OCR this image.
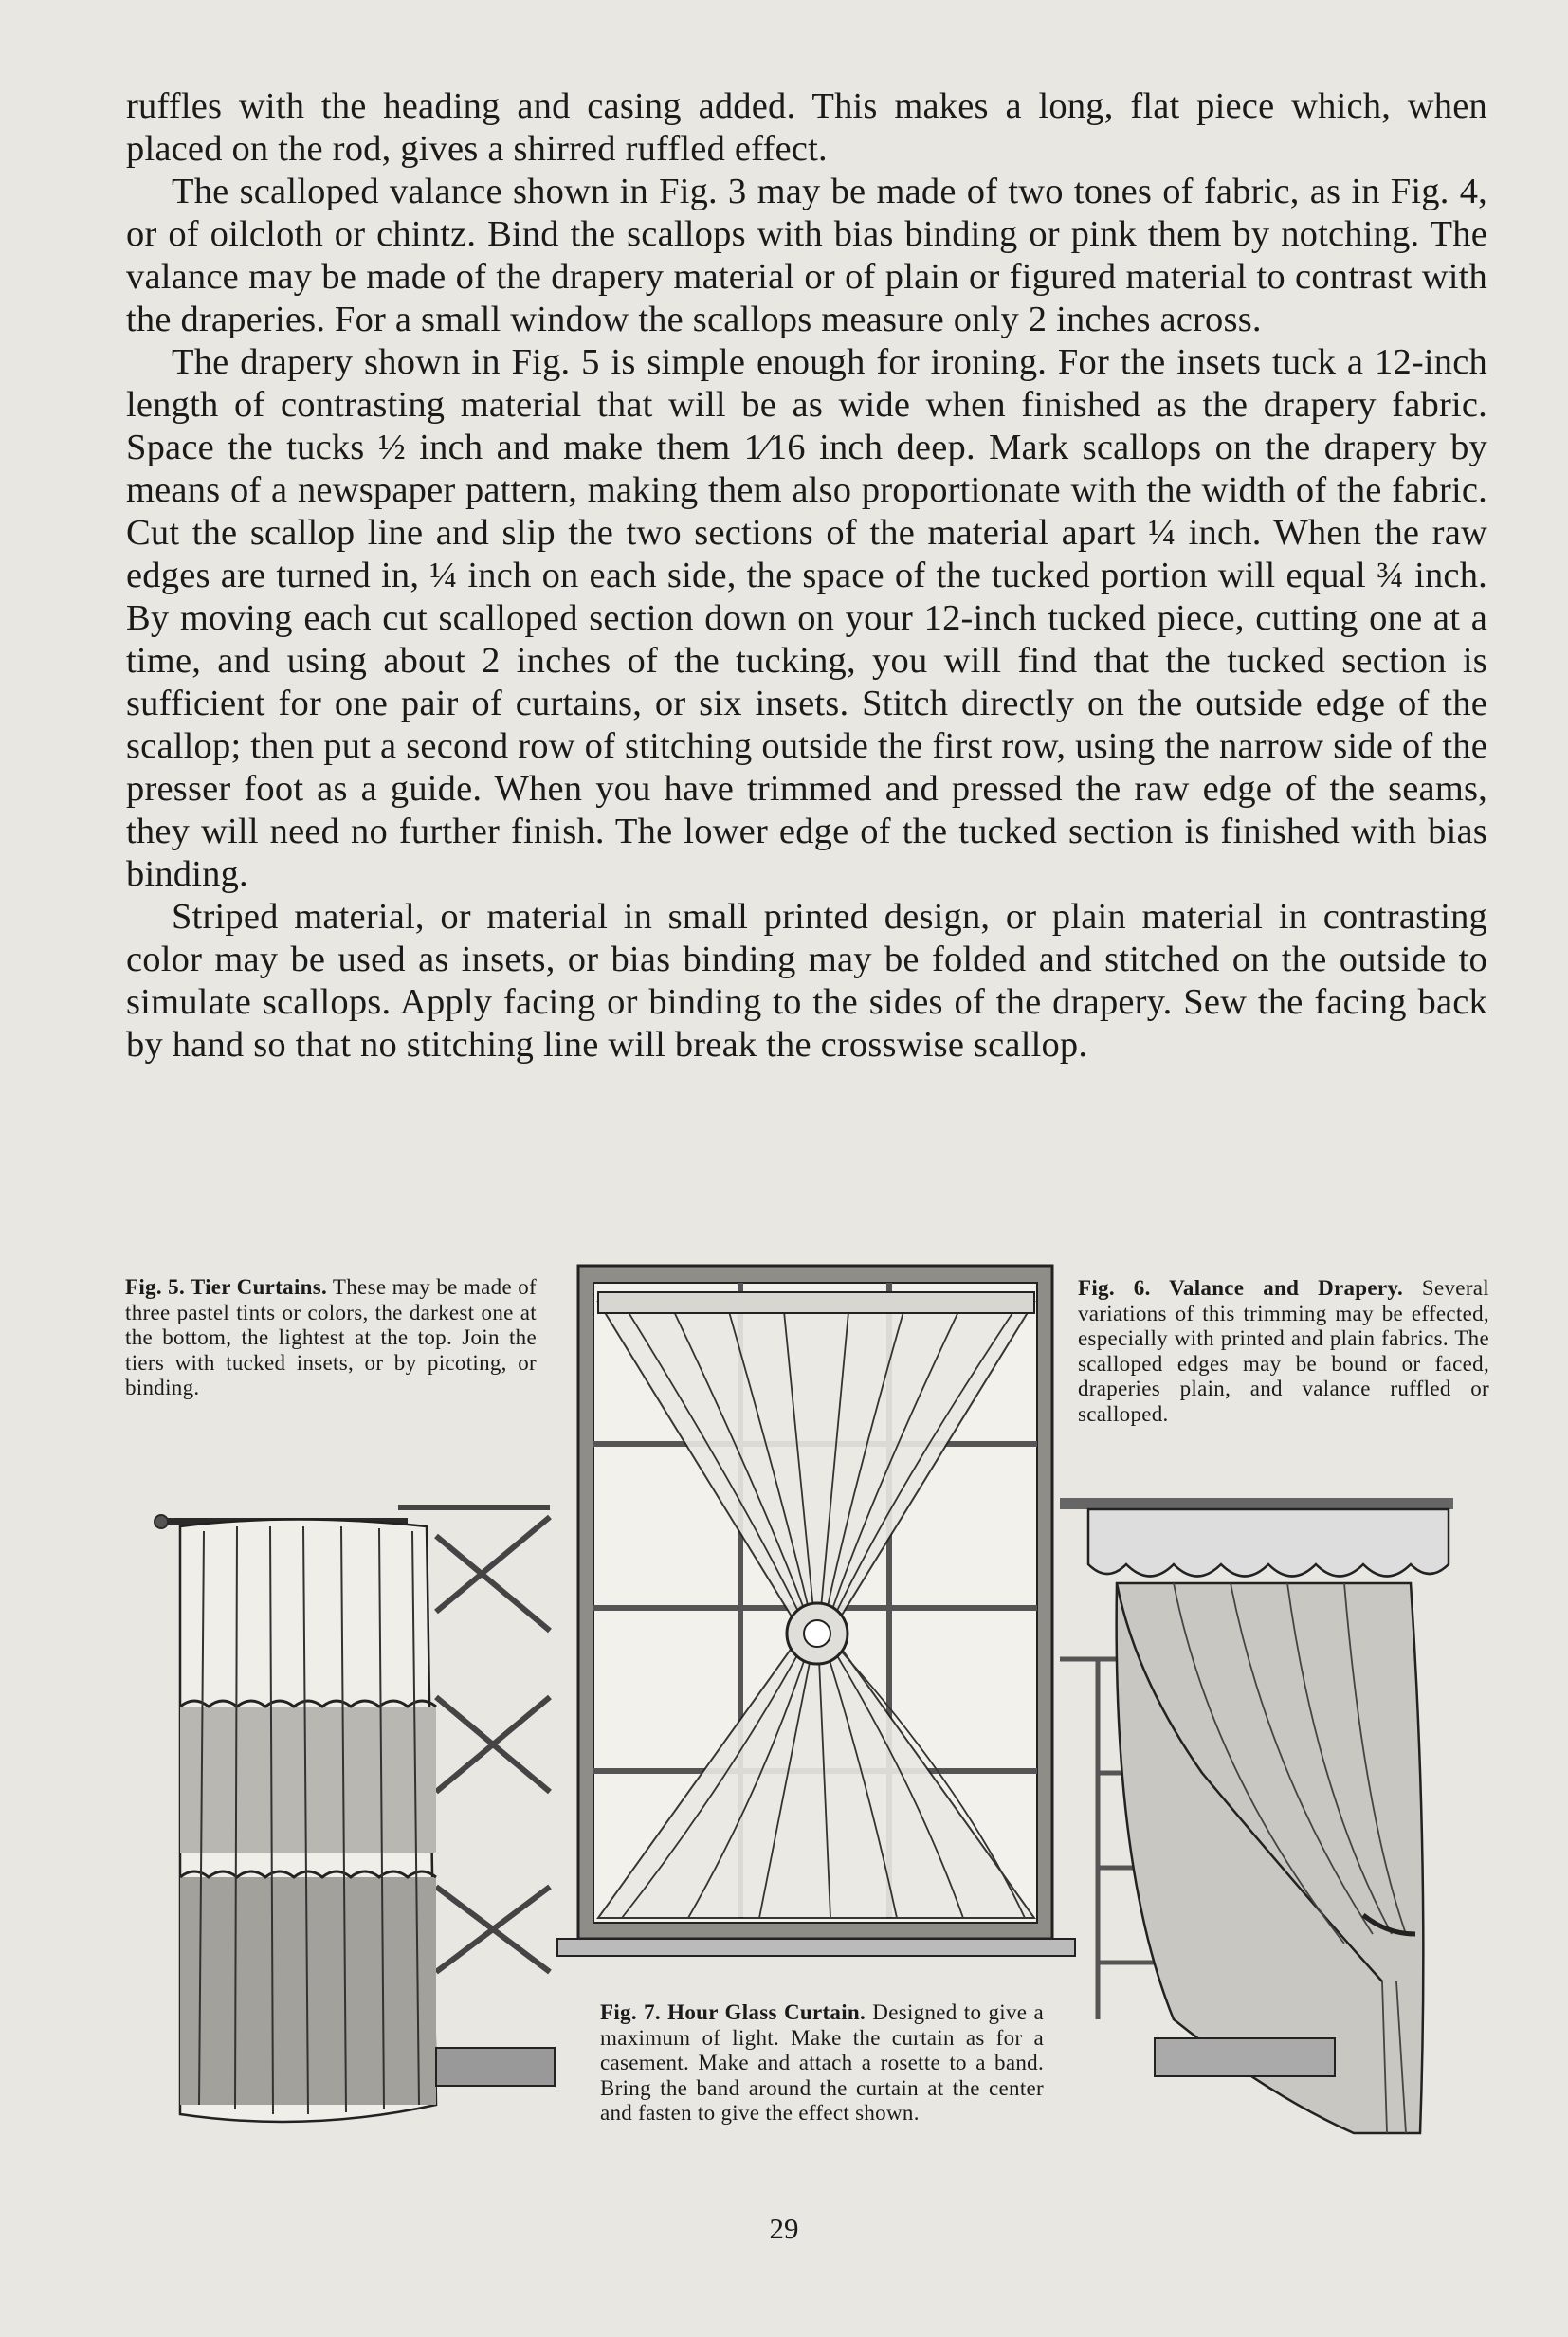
ruffles with the heading and casing added. This makes a long, flat piece which, when placed on the rod, gives a shirred ruffled effect.

The scalloped valance shown in Fig. 3 may be made of two tones of fabric, as in Fig. 4, or of oilcloth or chintz. Bind the scallops with bias binding or pink them by notching. The valance may be made of the drapery material or of plain or figured material to contrast with the draperies. For a small window the scallops measure only 2 inches across.

The drapery shown in Fig. 5 is simple enough for ironing. For the insets tuck a 12-inch length of contrasting material that will be as wide when finished as the drapery fabric. Space the tucks ½ inch and make them 1⁄16 inch deep. Mark scallops on the drapery by means of a newspaper pattern, making them also proportionate with the width of the fabric. Cut the scallop line and slip the two sections of the material apart ¼ inch. When the raw edges are turned in, ¼ inch on each side, the space of the tucked portion will equal ¾ inch. By moving each cut scalloped section down on your 12-inch tucked piece, cutting one at a time, and using about 2 inches of the tucking, you will find that the tucked section is sufficient for one pair of curtains, or six insets. Stitch directly on the outside edge of the scallop; then put a second row of stitching outside the first row, using the narrow side of the presser foot as a guide. When you have trimmed and pressed the raw edge of the seams, they will need no further finish. The lower edge of the tucked section is finished with bias binding.

Striped material, or material in small printed design, or plain material in contrasting color may be used as insets, or bias binding may be folded and stitched on the outside to simulate scallops. Apply facing or binding to the sides of the drapery. Sew the facing back by hand so that no stitching line will break the crosswise scallop.

Fig. 5. Tier Curtains. These may be made of three pastel tints or colors, the darkest one at the bottom, the lightest at the top. Join the tiers with tucked insets, or by picoting, or binding.
Fig. 6. Valance and Drapery. Several variations of this trimming may be effected, especially with printed and plain fabrics. The scalloped edges may be bound or faced, draperies plain, and valance ruffled or scalloped.
Fig. 7. Hour Glass Curtain. Designed to give a maximum of light. Make the curtain as for a casement. Make and attach a rosette to a band. Bring the band around the curtain at the center and fasten to give the effect shown.
29
